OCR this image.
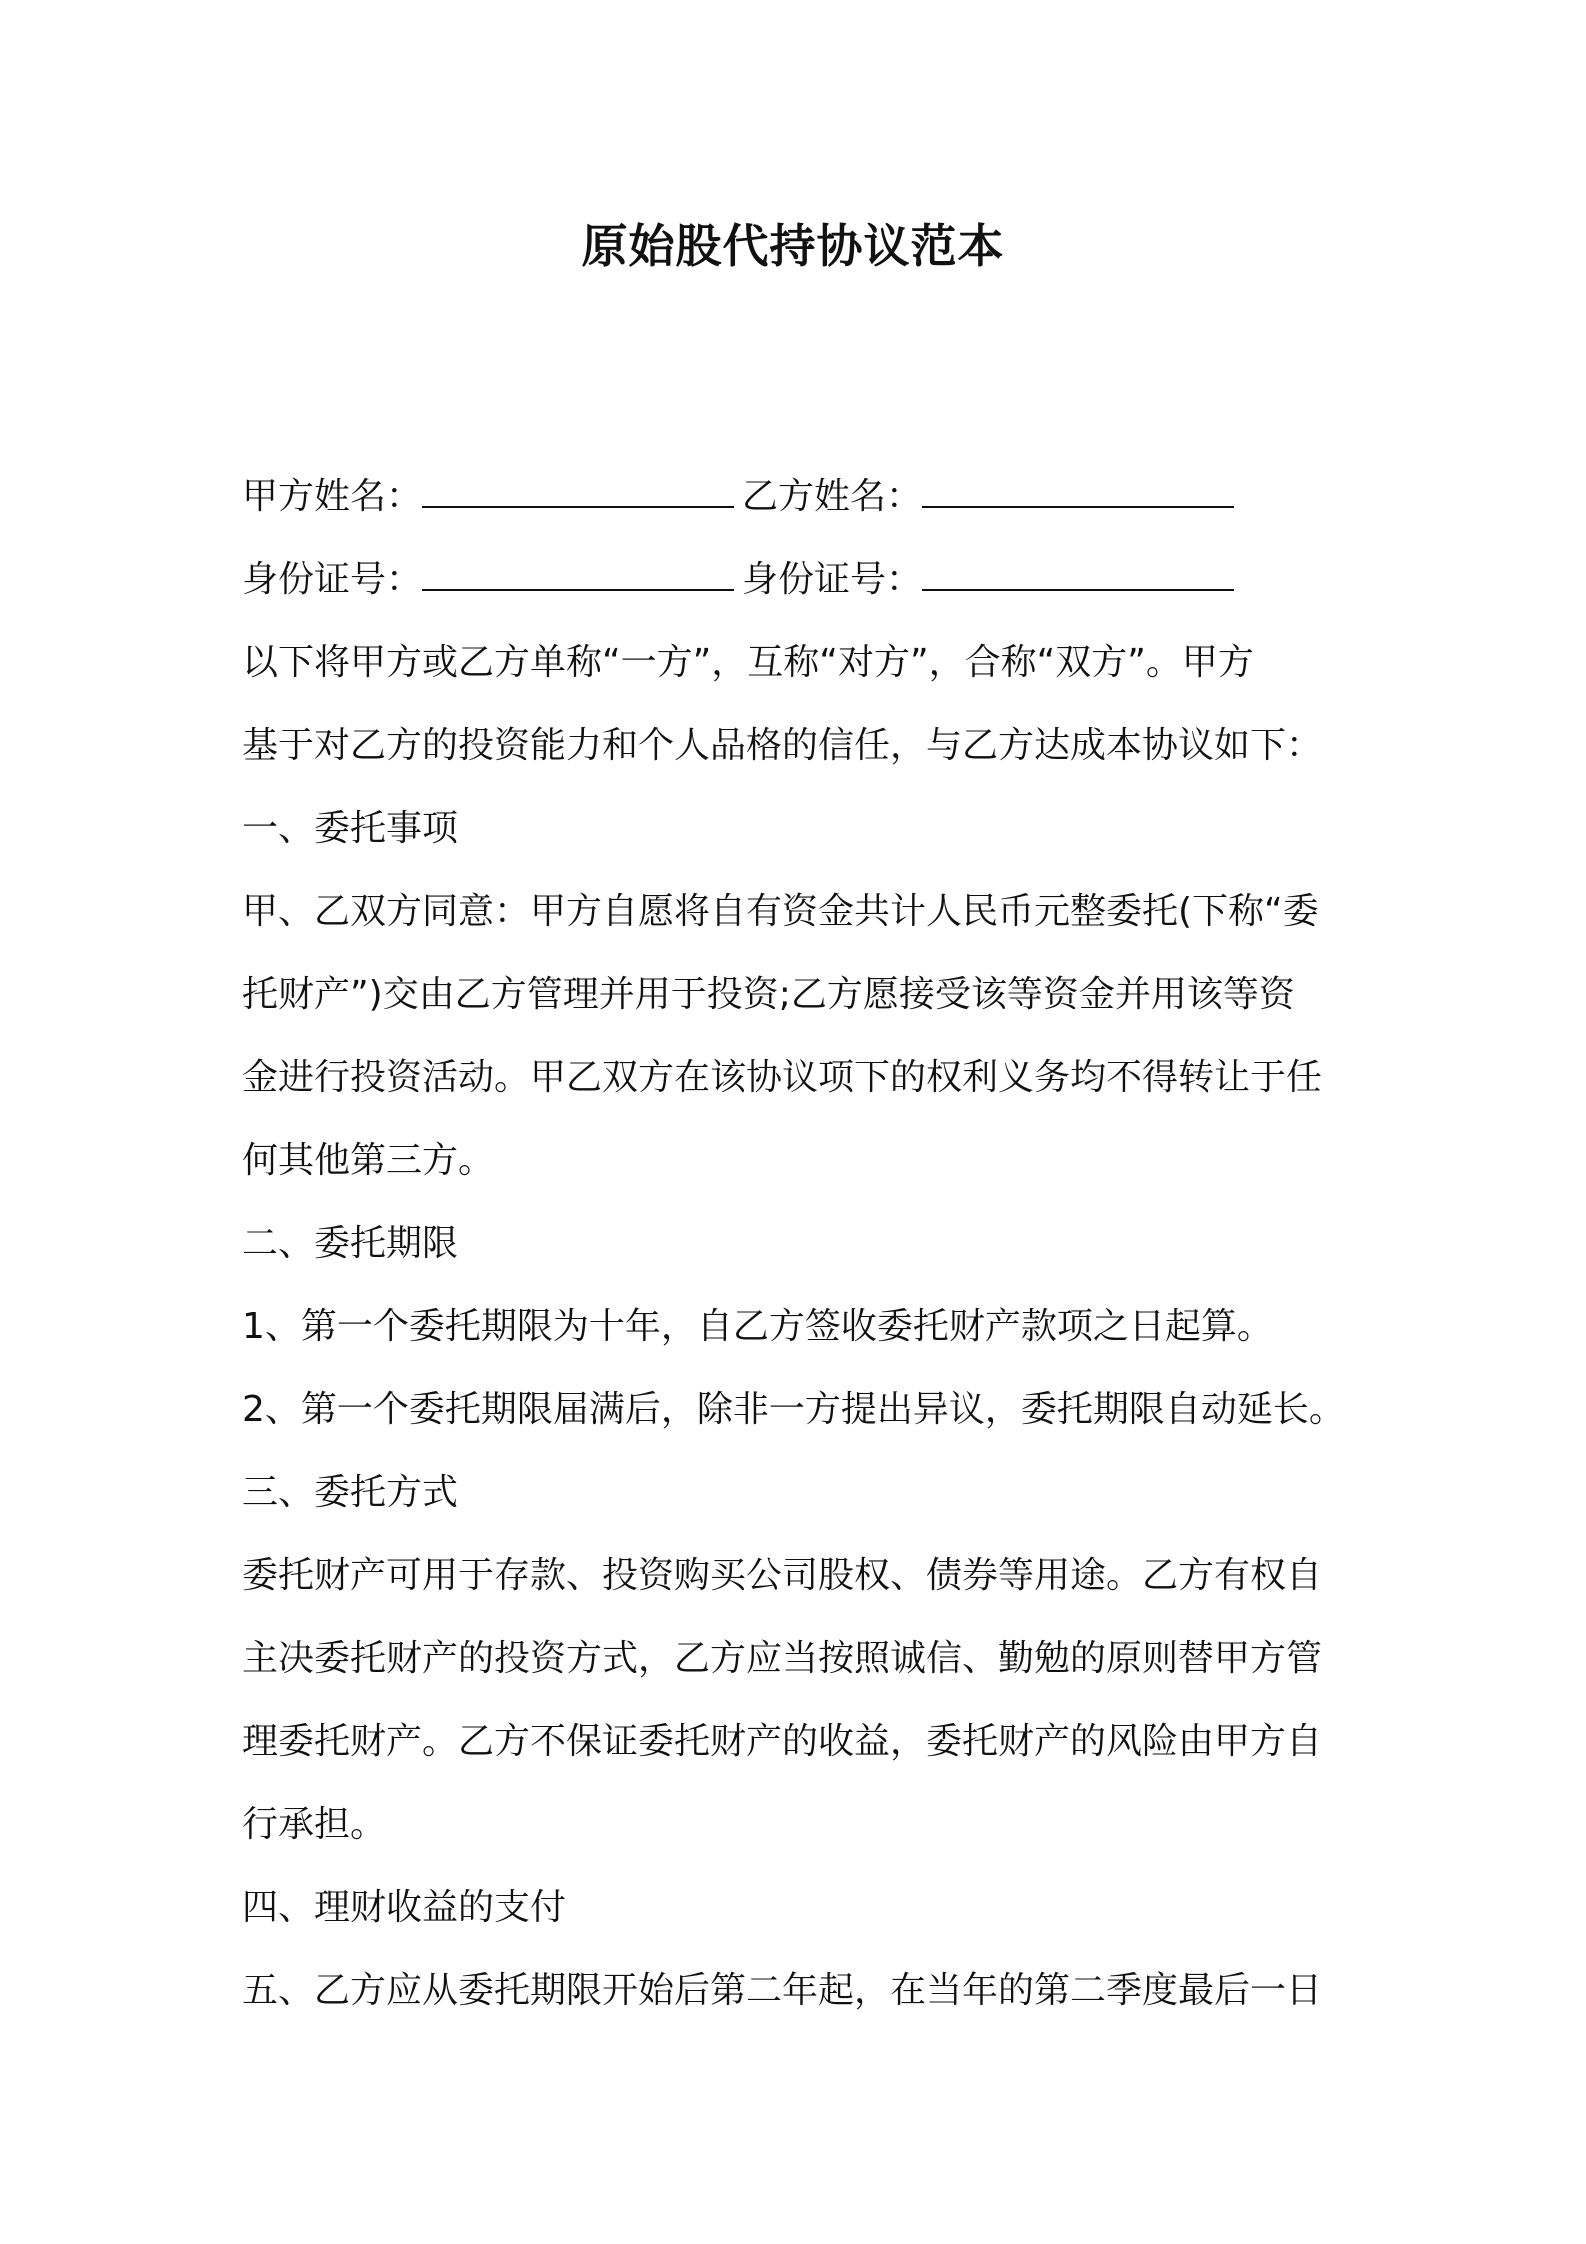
原始股代持协议范本
甲方姓名：	乙方姓名：
身份证号：	身份证号：
以下将甲方或乙方单称“一方”，互称“对方”，合称“双方”。甲方
基于对乙方的投资能力和个人品格的信任，与乙方达成本协议如下：
一、委托事项
甲、乙双方同意：甲方自愿将自有资金共计人民币元整委托(下称“委
托财产”)交由乙方管理并用于投资;乙方愿接受该等资金并用该等资
金进行投资活动。甲乙双方在该协议项下的权利义务均不得转让于任
何其他第三方。
二、委托期限
1、第一个委托期限为十年，自乙方签收委托财产款项之日起算。
2、第一个委托期限届满后，除非一方提出异议，委托期限自动延长。
三、委托方式
委托财产可用于存款、投资购买公司股权、债券等用途。乙方有权自
主决委托财产的投资方式，乙方应当按照诚信、勤勉的原则替甲方管
理委托财产。乙方不保证委托财产的收益，委托财产的风险由甲方自
行承担。
四、理财收益的支付
五、乙方应从委托期限开始后第二年起，在当年的第二季度最后一日
